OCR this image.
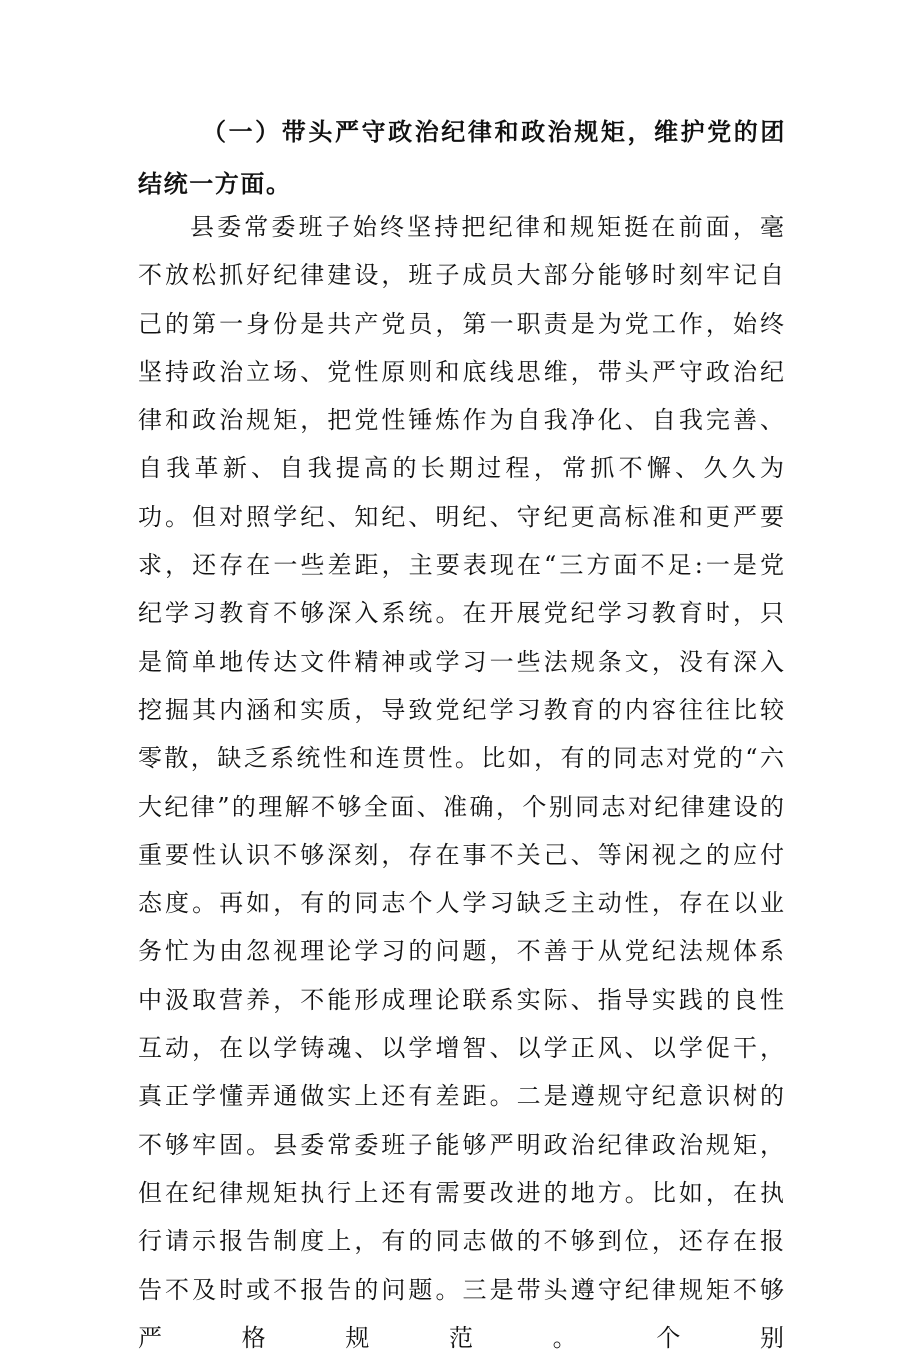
（一）带头严守政治纪律和政治规矩，维护党的团结统一方面。

县委常委班子始终坚持把纪律和规矩挺在前面，毫不放松抓好纪律建设，班子成员大部分能够时刻牢记自己的第一身份是共产党员，第一职责是为党工作，始终坚持政治立场、党性原则和底线思维，带头严守政治纪律和政治规矩，把党性锤炼作为自我净化、自我完善、自我革新、自我提高的长期过程，常抓不懈、久久为功。但对照学纪、知纪、明纪、守纪更高标准和更严要求，还存在一些差距，主要表现在“三方面不足:一是党纪学习教育不够深入系统。在开展党纪学习教育时，只是简单地传达文件精神或学习一些法规条文，没有深入挖掘其内涵和实质，导致党纪学习教育的内容往往比较零散，缺乏系统性和连贯性。比如，有的同志对党的“六大纪律”的理解不够全面、准确，个别同志对纪律建设的重要性认识不够深刻，存在事不关己、等闲视之的应付态度。再如，有的同志个人学习缺乏主动性，存在以业务忙为由忽视理论学习的问题，不善于从党纪法规体系中汲取营养，不能形成理论联系实际、指导实践的良性互动，在以学铸魂、以学增智、以学正风、以学促干，真正学懂弄通做实上还有差距。二是遵规守纪意识树的不够牢固。县委常委班子能够严明政治纪律政治规矩，但在纪律规矩执行上还有需要改进的地方。比如，在执行请示报告制度上，有的同志做的不够到位，还存在报告不及时或不报告的问题。三是带头遵守纪律规矩不够严格规范。个别
